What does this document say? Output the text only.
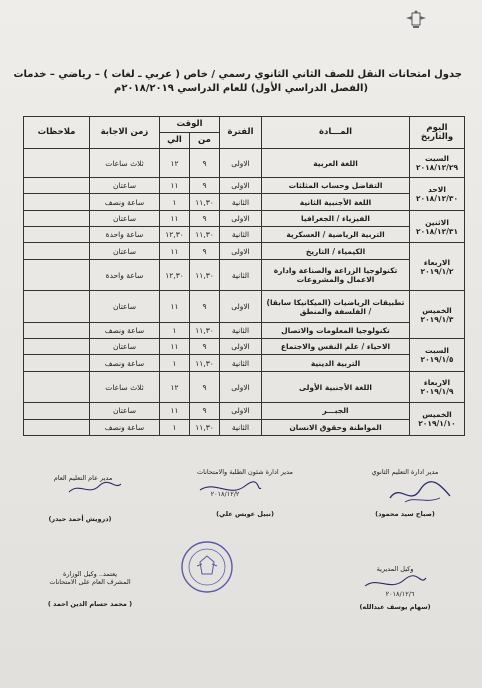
جدول امتحانات النقل للصف الثاني الثانوي رسمي / خاص ( عربي ـ لغات ) – رياضي – خدمات
(الفصل الدراسي الأول) للعام الدراسي ٢٠١٨/٢٠١٩م
اليوم والتاريخ	المـــادة	الفترة	الوقت		زمن الاجابة	ملاحظات
			من	الي		

السبت
٢٠١٨/١٢/٢٩	اللغة العربية	الاولى	٩	١٢	ثلاث ساعات	

الاحد
٢٠١٨/١٢/٣٠	التفاضل وحساب المثلثات	الاولى	٩	١١	ساعتان	
	اللغة الأجنبية الثانية	الثانية	١١,٣٠	١	ساعة ونصف	

الاثنين
٢٠١٨/١٢/٣١	الفيزياء / الجغرافيا	الاولى	٩	١١	ساعتان	
	التربية الرياضية / العسكرية	الثانية	١١,٣٠	١٢,٣٠	ساعة واحدة	

الاربعاء
٢٠١٩/١/٢	الكيمياء / التاريخ	الاولى	٩	١١	ساعتان	
	تكنولوجيا الزراعة والصناعة وادارة الاعمال والمشروعات	الثانية	١١,٣٠	١٢,٣٠	ساعة واحدة	

الخميس
٢٠١٩/١/٣	تطبيقات الرياضيات (الميكانيكا سابقا) / الفلسفة والمنطق	الاولى	٩	١١	ساعتان	
	تكنولوجيا المعلومات والاتصال	الثانية	١١,٣٠	١	ساعة ونصف	

السبت
٢٠١٩/١/٥	الاحياء / علم النفس والاجتماع	الاولى	٩	١١	ساعتان	
	التربية الدينية	الثانية	١١,٣٠	١	ساعة ونصف	

الاربعاء
٢٠١٩/١/٩	اللغة الأجنبية الأولى	الاولى	٩	١٢	ثلاث ساعات	

الخميس
٢٠١٩/١/١٠	الجبـــر	الاولى	٩	١١	ساعتان	
	المواطنة وحقوق الانسان	الثانية	١١,٣٠	١	ساعة ونصف	
مدير ادارة التعليم الثانوي
(صباح سيد محمود)
مدير ادارة شئون الطلبة والامتحانات
٢٠١٨/١٢/٢
(نبيل عويس علي)
مدير عام التعليم العام
(درويش أحمد حيدر)
وكيل المديرية
٢٠١٨/١٢/٦
(سهام يوسف عبدالله)
يعتمد.. وكيل الوزارة
المشرف العام على الامتحانات
( محمد حسام الدين احمد )
